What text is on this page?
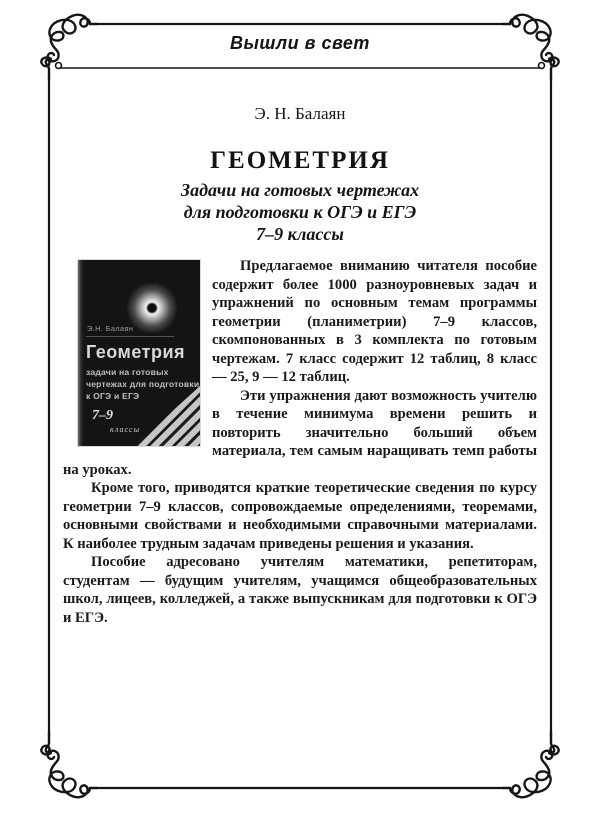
Вышли в свет
Э. Н. Балаян
ГЕОМЕТРИЯ
Задачи на готовых чертежах
для подготовки к ОГЭ и ЕГЭ
7–9 классы
Э.Н. Балаян
Геометрия
задачи на готовых
чертежах для подготовки
к ОГЭ и ЕГЭ
7–9
классы

Предлагаемое вниманию читателя пособие содержит более 1000 разноуровневых задач и упражнений по основным темам программы геометрии (планиметрии) 7–9 классов, скомпонованных в 3 комплекта по готовым чертежам. 7 класс содержит 12 таблиц, 8 класс — 25, 9 — 12 таблиц.

Эти упражнения дают возможность учителю в течение минимума времени решить и повторить значительно больший объем материала, тем самым наращивать темп работы на уроках.

Кроме того, приводятся краткие теоретические сведения по курсу геометрии 7–9 классов, сопровождаемые определениями, теоремами, основными свойствами и необходимыми справочными материалами. К наиболее трудным задачам приведены решения и указания.

Пособие адресовано учителям математики, репетиторам, студентам — будущим учителям, учащимся общеобразовательных школ, лицеев, колледжей, а также выпускникам для подготовки к ОГЭ и ЕГЭ.
